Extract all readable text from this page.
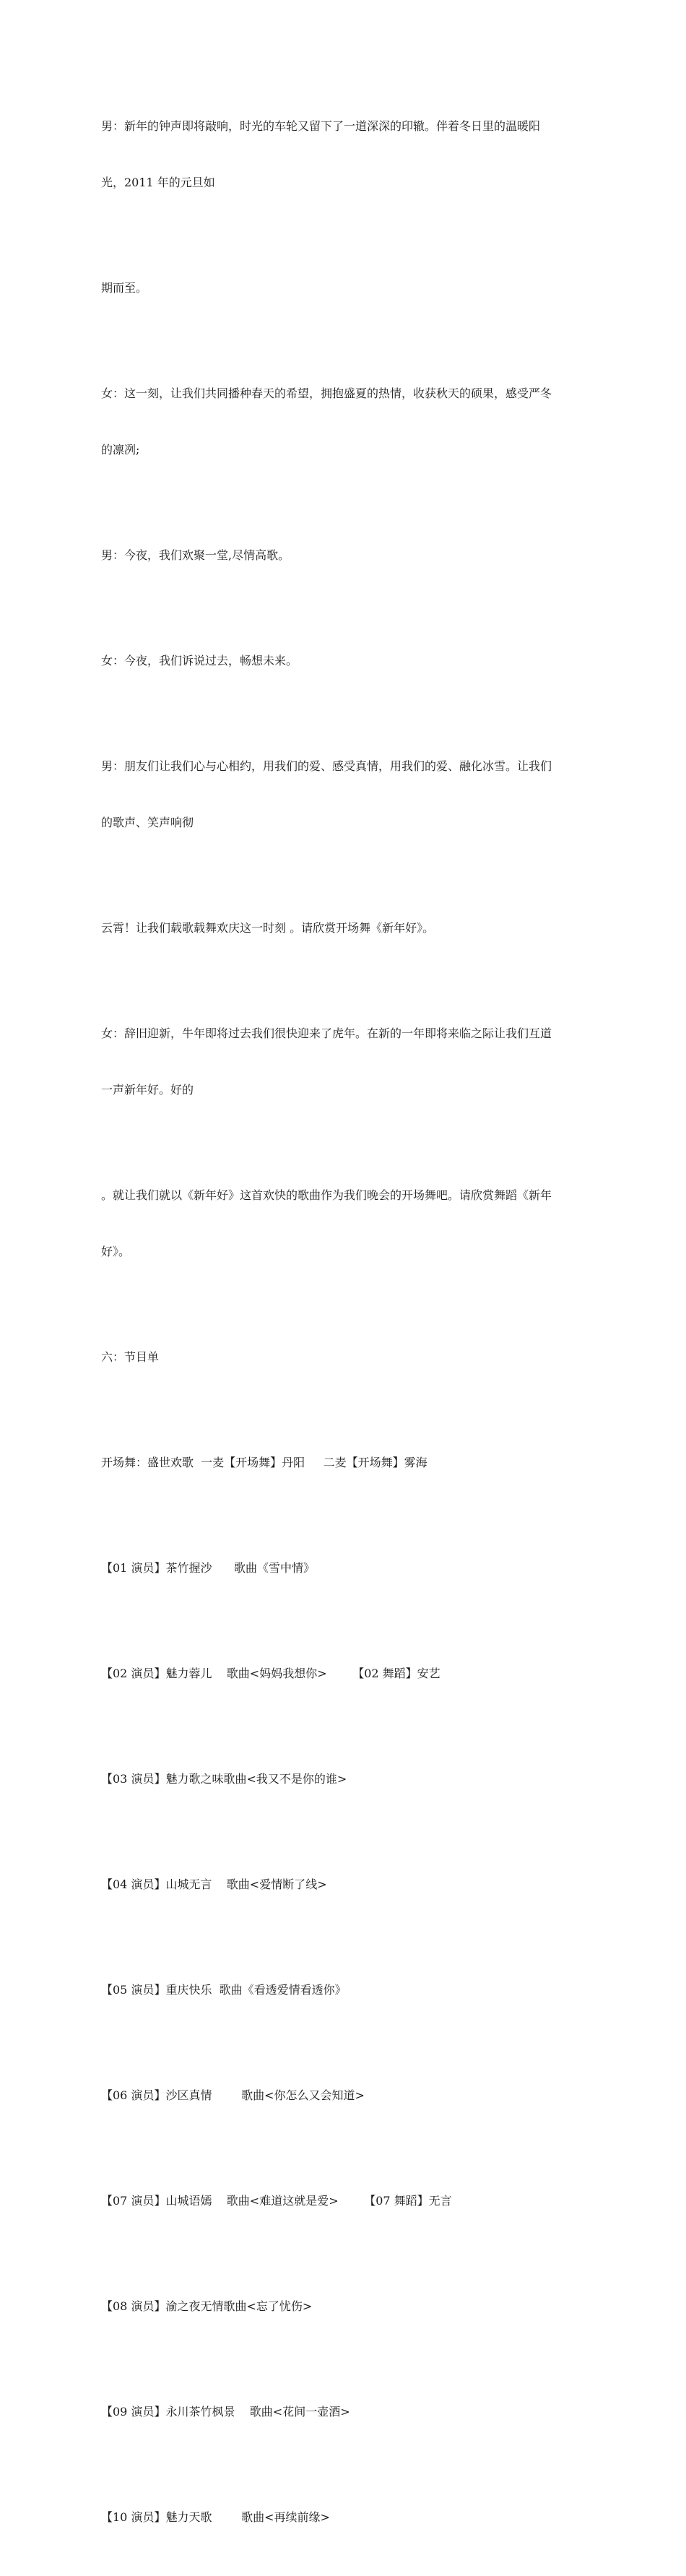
男：新年的钟声即将敲响，时光的车轮又留下了一道深深的印辙。伴着冬日里的温暖阳

光，2011 年的元旦如

期而至。

女：这一刻，让我们共同播种春天的希望，拥抱盛夏的热情，收获秋天的硕果，感受严冬

的凛冽;

男：今夜，我们欢聚一堂,尽情高歌。

女：今夜，我们诉说过去，畅想未来。

男：朋友们让我们心与心相约，用我们的爱、感受真情，用我们的爱、融化冰雪。让我们

的歌声、笑声响彻

云霄！让我们载歌载舞欢庆这一时刻 。请欣赏开场舞《新年好》。

女：辞旧迎新，牛年即将过去我们很快迎来了虎年。在新的一年即将来临之际让我们互道

一声新年好。好的

。就让我们就以《新年好》这首欢快的歌曲作为我们晚会的开场舞吧。请欣赏舞蹈《新年

好》。

六：节目单

开场舞：盛世欢歌  一麦【开场舞】丹阳     二麦【开场舞】雾海

【01 演员】茶竹握沙      歌曲《雪中情》

【02 演员】魅力蓉儿    歌曲<妈妈我想你>       【02 舞蹈】安艺

【03 演员】魅力歌之味歌曲<我又不是你的谁>

【04 演员】山城无言    歌曲<爱情断了线>

【05 演员】重庆快乐  歌曲《看透爱情看透你》

【06 演员】沙区真情        歌曲<你怎么又会知道>

【07 演员】山城语嫣    歌曲<难道这就是爱>       【07 舞蹈】无言

【08 演员】渝之夜无情歌曲<忘了忧伤>

【09 演员】永川茶竹枫景    歌曲<花间一壶酒>

【10 演员】魅力天歌        歌曲<再续前缘>
